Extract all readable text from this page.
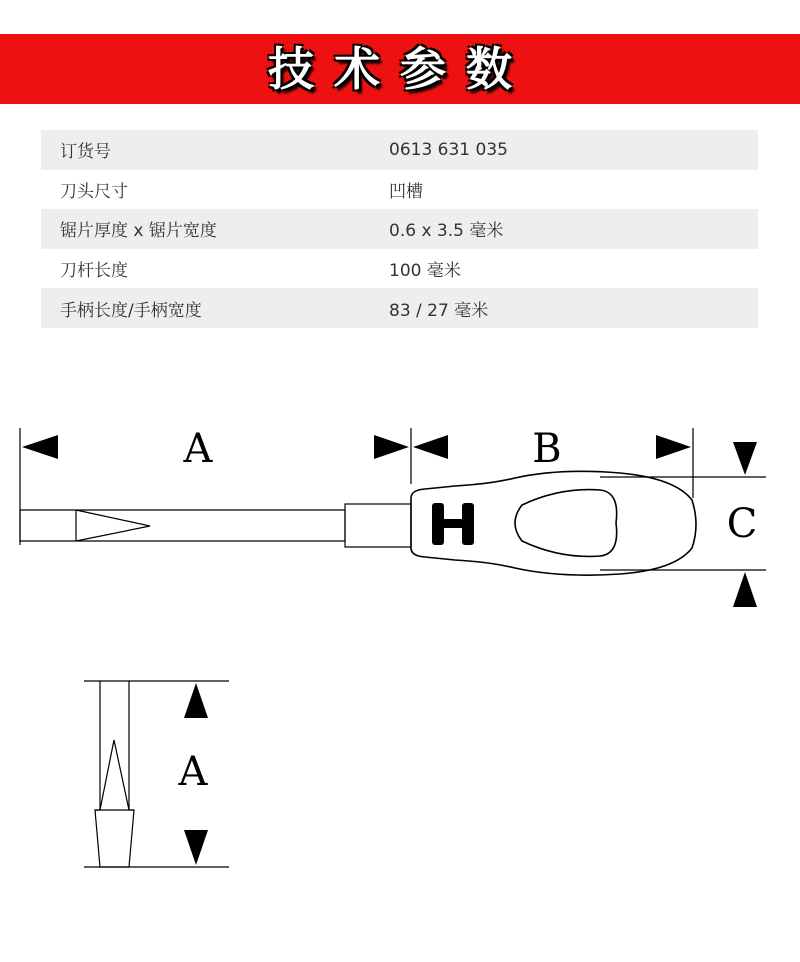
技术参数
订货号	0613 631 035
刀头尺寸	凹槽
锯片厚度 x 锯片宽度	0.6 x 3.5 毫米
刀杆长度	100 毫米
手柄长度/手柄宽度	83 / 27 毫米
A	B
C
A
